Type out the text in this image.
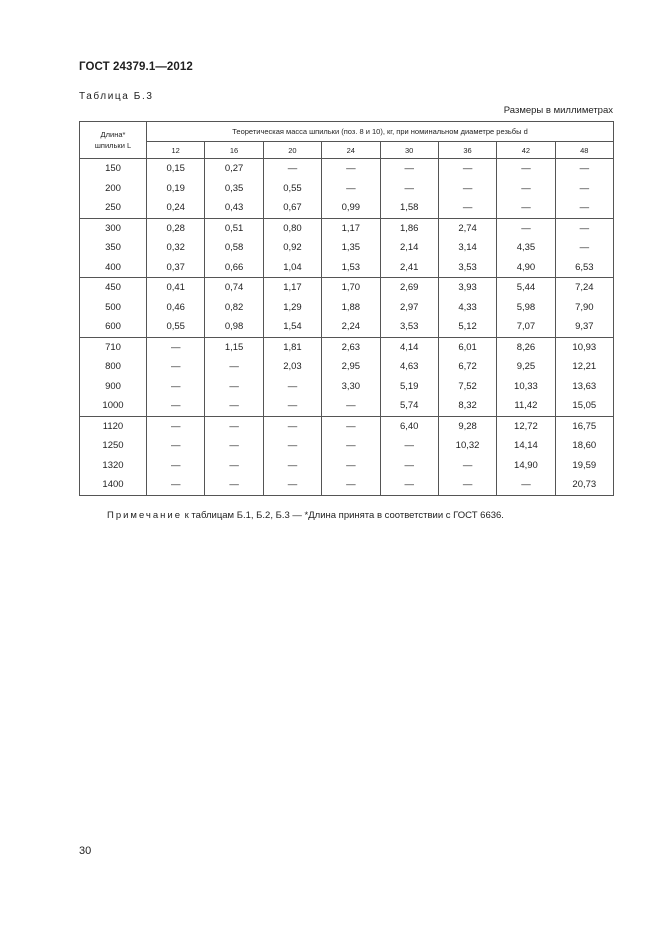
ГОСТ 24379.1—2012
Таблица Б.3
Размеры в миллиметрах
Длина*
шпильки L	Теоретическая масса шпильки (поз. 8 и 10), кг, при номинальном диаметре резьбы d							
	12	16	20	24	30	36	42	48
150	0,15	0,27	—	—	—	—	—	—
200	0,19	0,35	0,55	—	—	—	—	—
250	0,24	0,43	0,67	0,99	1,58	—	—	—
300	0,28	0,51	0,80	1,17	1,86	2,74	—	—
350	0,32	0,58	0,92	1,35	2,14	3,14	4,35	—
400	0,37	0,66	1,04	1,53	2,41	3,53	4,90	6,53
450	0,41	0,74	1,17	1,70	2,69	3,93	5,44	7,24
500	0,46	0,82	1,29	1,88	2,97	4,33	5,98	7,90
600	0,55	0,98	1,54	2,24	3,53	5,12	7,07	9,37
710	—	1,15	1,81	2,63	4,14	6,01	8,26	10,93
800	—	—	2,03	2,95	4,63	6,72	9,25	12,21
900	—	—	—	3,30	5,19	7,52	10,33	13,63
1000	—	—	—	—	5,74	8,32	11,42	15,05
1120	—	—	—	—	6,40	9,28	12,72	16,75
1250	—	—	—	—	—	10,32	14,14	18,60
1320	—	—	—	—	—	—	14,90	19,59
1400	—	—	—	—	—	—	—	20,73
Примечание к таблицам Б.1, Б.2, Б.3 — *Длина принята в соответствии с ГОСТ 6636.
30
